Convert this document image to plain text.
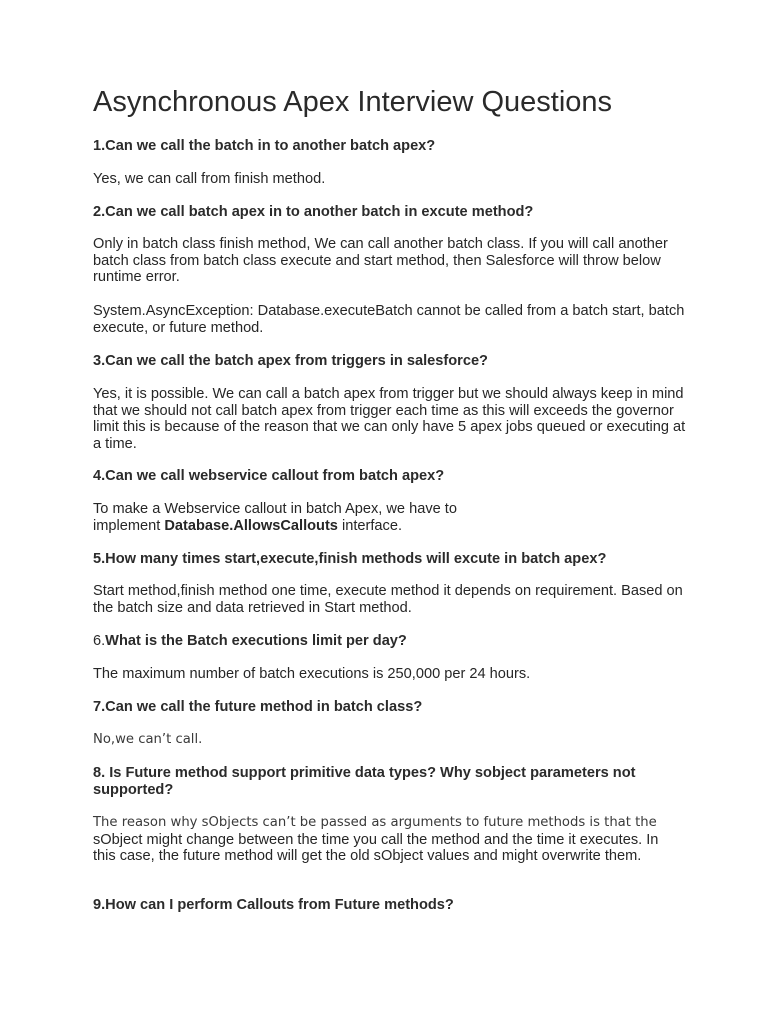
Asynchronous Apex Interview Questions
1.Can we call the batch in to another batch apex?
Yes, we can call from finish method.
2.Can we call batch apex in to another batch in excute method?
Only in batch class finish method, We can call another batch class. If you will call another batch class from batch class execute and start method, then Salesforce will throw below runtime error.
System.AsyncException: Database.executeBatch cannot be called from a batch start, batch execute, or future method.
3.Can we call the batch apex from triggers in salesforce?
Yes, it is possible. We can call a batch apex from trigger but we should always keep in mind that we should not call batch apex from trigger each time as this will exceeds the governor limit this is because of the reason that we can only have 5 apex jobs queued or executing at a time.
4.Can we call webservice callout from batch apex?
To make a Webservice callout in batch Apex, we have to implement Database.AllowsCallouts interface.
5.How many times start,execute,finish methods will excute in batch apex?
Start method,finish method one time, execute method it depends on requirement. Based on the batch size and data retrieved in Start method.
6.What is the Batch executions limit per day?
The maximum number of batch executions is 250,000 per 24 hours.
7.Can we call the future method in batch class?
No,we can’t call.
8. Is Future method support primitive data types? Why sobject parameters not supported?
The reason why sObjects can’t be passed as arguments to future methods is that the
sObject might change between the time you call the method and the time it executes. In this case, the future method will get the old sObject values and might overwrite them.
9.How can I perform Callouts from Future methods?
